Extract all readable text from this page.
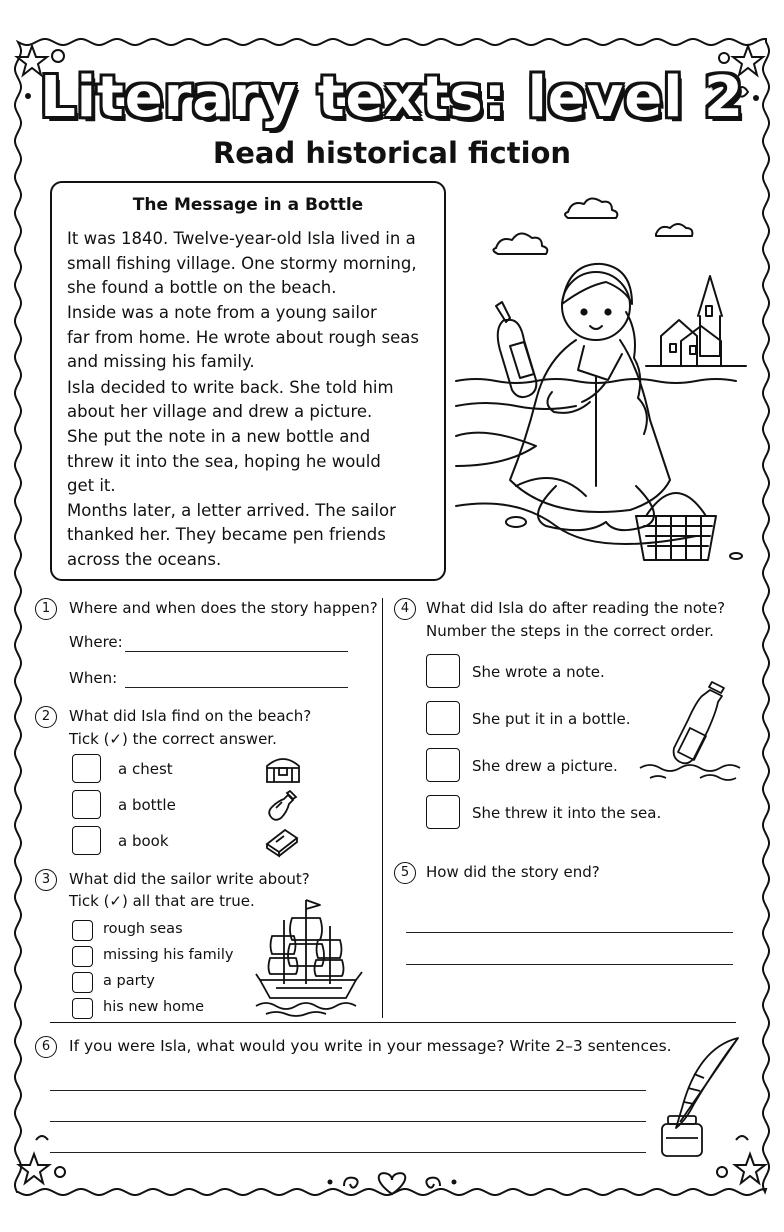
Literary texts: level 2
Read historical fiction
The Message in a Bottle
It was 1840. Twelve-year-old Isla lived in a
small fishing village. One stormy morning,
she found a bottle on the beach.
Inside was a note from a young sailor
far from home. He wrote about rough seas
and missing his family.
Isla decided to write back. She told him
about her village and drew a picture.
She put the note in a new bottle and
threw it into the sea, hoping he would
get it.
Months later, a letter arrived. The sailor
thanked her. They became pen friends
across the oceans.
1	Where and when does the story happen?
Where:
When:
2	What did Isla find on the beach?
Tick (✓) the correct answer.
a chest
a bottle
a book
3	What did the sailor write about?
Tick (✓) all that are true.
rough seas
missing his family
a party
his new home
4	What did Isla do after reading the note?
Number the steps in the correct order.
She wrote a note.
She put it in a bottle.
She drew a picture.
She threw it into the sea.
5	How did the story end?
6	If you were Isla, what would you write in your message? Write 2–3 sentences.
